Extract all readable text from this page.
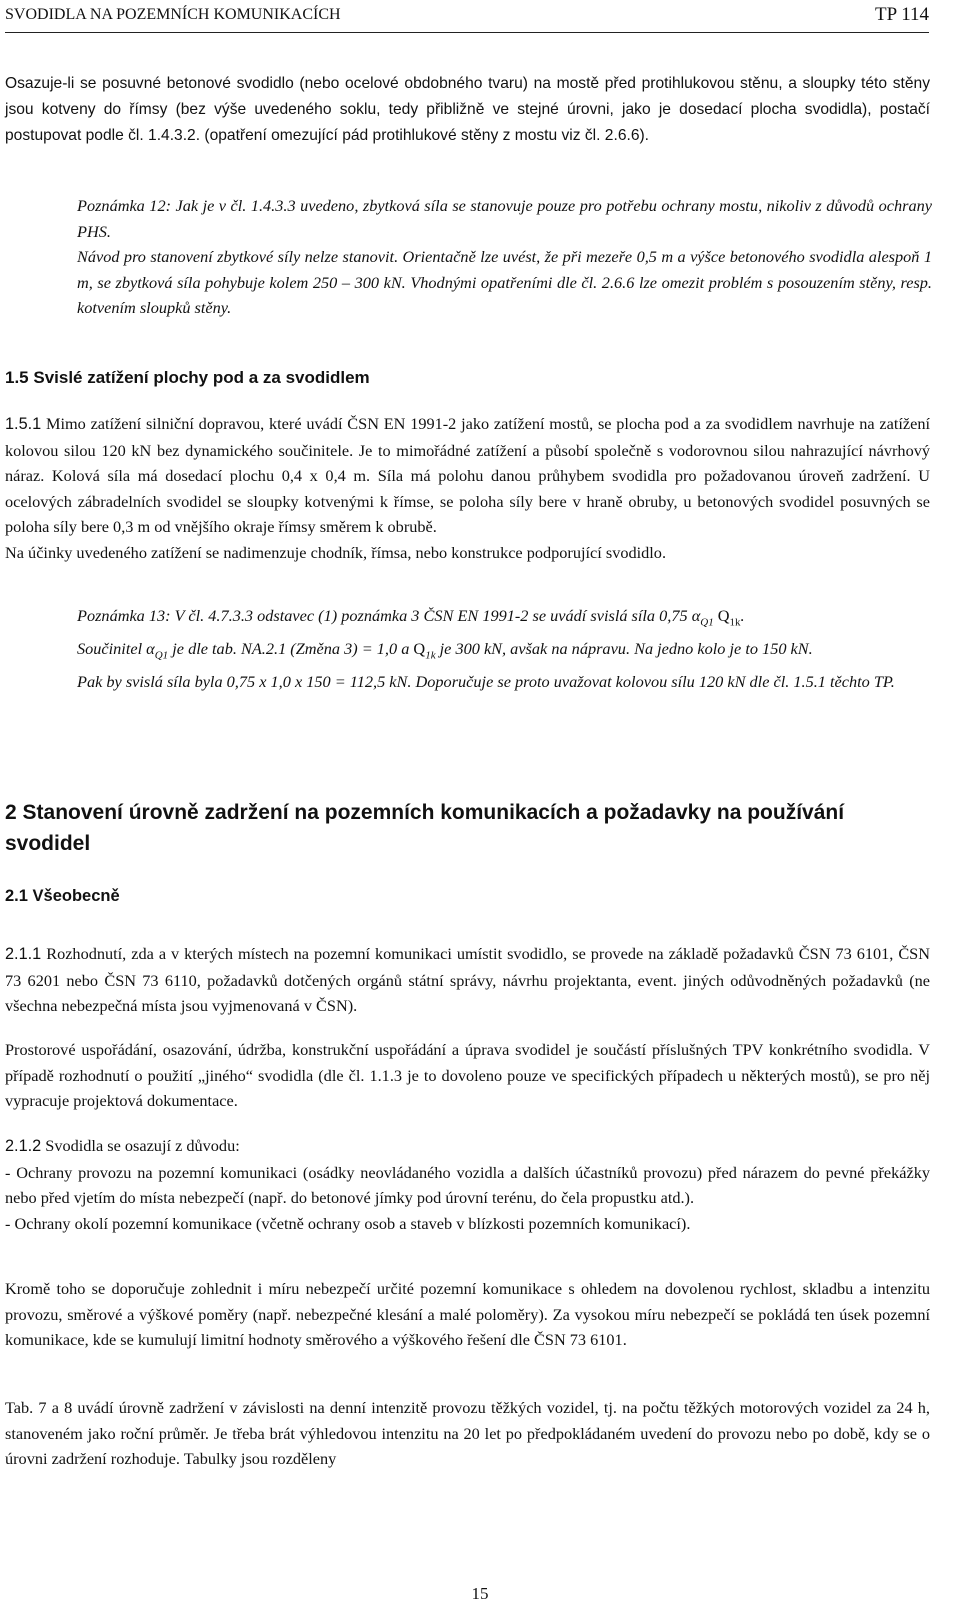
SVODIDLA NA POZEMNÍCH KOMUNIKACÍCH	TP 114
Osazuje-li se posuvné betonové svodidlo (nebo ocelové obdobného tvaru) na mostě před protihlukovou stěnu, a sloupky této stěny jsou kotveny do římsy (bez výše uvedeného soklu, tedy přibližně ve stejné úrovni, jako je dosedací plocha svodidla), postačí postupovat podle čl. 1.4.3.2. (opatření omezující pád protihlukové stěny z mostu viz čl. 2.6.6).

Poznámka 12: Jak je v čl. 1.4.3.3 uvedeno, zbytková síla se stanovuje pouze pro potřebu ochrany mostu, nikoliv z důvodů ochrany PHS.

Návod pro stanovení zbytkové síly nelze stanovit. Orientačně lze uvést, že při mezeře 0,5 m a výšce betonového svodidla alespoň 1 m, se zbytková síla pohybuje kolem 250 – 300 kN. Vhodnými opatřeními dle čl. 2.6.6 lze omezit problém s posouzením stěny, resp. kotvením sloupků stěny.

1.5 Svislé zatížení plochy pod a za svodidlem

1.5.1 Mimo zatížení silniční dopravou, které uvádí ČSN EN 1991-2 jako zatížení mostů, se plocha pod a za svodidlem navrhuje na zatížení kolovou silou 120 kN bez dynamického součinitele. Je to mimořádné zatížení a působí společně s vodorovnou silou nahrazující návrhový náraz. Kolová síla má dosedací plochu 0,4 x 0,4 m. Síla má polohu danou průhybem svodidla pro požadovanou úroveň zadržení. U ocelových zábradelních svodidel se sloupky kotvenými k římse, se poloha síly bere v hraně obruby, u betonových svodidel posuvných se poloha síly bere 0,3 m od vnějšího okraje římsy směrem k obrubě.

Na účinky uvedeného zatížení se nadimenzuje chodník, římsa, nebo konstrukce podporující svodidlo.

Poznámka 13: V čl. 4.7.3.3 odstavec (1) poznámka 3 ČSN EN 1991-2 se uvádí svislá síla 0,75 $\alpha_{Q1}$ $Q_{1k}$.

Součinitel $\alpha_{Q1}$ je dle tab. NA.2.1 (Změna 3) = 1,0 a $Q_{1k}$ je 300 kN, avšak na nápravu. Na jedno kolo je to 150 kN.

Pak by svislá síla byla 0,75 x 1,0 x 150 = 112,5 kN. Doporučuje se proto uvažovat kolovou sílu 120 kN dle čl. 1.5.1 těchto TP.

2 Stanovení úrovně zadržení na pozemních komunikacích a požadavky na používání svodidel
2.1 Všeobecně

2.1.1 Rozhodnutí, zda a v kterých místech na pozemní komunikaci umístit svodidlo, se provede na základě požadavků ČSN 73 6101, ČSN 73 6201 nebo ČSN 73 6110, požadavků dotčených orgánů státní správy, návrhu projektanta, event. jiných odůvodněných požadavků (ne všechna nebezpečná místa jsou vyjmenovaná v ČSN).

Prostorové uspořádání, osazování, údržba, konstrukční uspořádání a úprava svodidel je součástí příslušných TPV konkrétního svodidla. V případě rozhodnutí o použití „jiného“ svodidla (dle čl. 1.1.3 je to dovoleno pouze ve specifických případech u některých mostů), se pro něj vypracuje projektová dokumentace.

2.1.2 Svodidla se osazují z důvodu:

- Ochrany provozu na pozemní komunikaci (osádky neovládaného vozidla a dalších účastníků provozu) před nárazem do pevné překážky nebo před vjetím do místa nebezpečí (např. do betonové jímky pod úrovní terénu, do čela propustku atd.).

- Ochrany okolí pozemní komunikace (včetně ochrany osob a staveb v blízkosti pozemních komunikací).

Kromě toho se doporučuje zohlednit i míru nebezpečí určité pozemní komunikace s ohledem na dovolenou rychlost, skladbu a intenzitu provozu, směrové a výškové poměry (např. nebezpečné klesání a malé poloměry). Za vysokou míru nebezpečí se pokládá ten úsek pozemní komunikace, kde se kumulují limitní hodnoty směrového a výškového řešení dle ČSN 73 6101.
Tab. 7 a 8 uvádí úrovně zadržení v závislosti na denní intenzitě provozu těžkých vozidel, tj. na počtu těžkých motorových vozidel za 24 h, stanoveném jako roční průměr. Je třeba brát výhledovou intenzitu na 20 let po předpokládaném uvedení do provozu nebo po době, kdy se o úrovni zadržení rozhoduje. Tabulky jsou rozděleny
15
